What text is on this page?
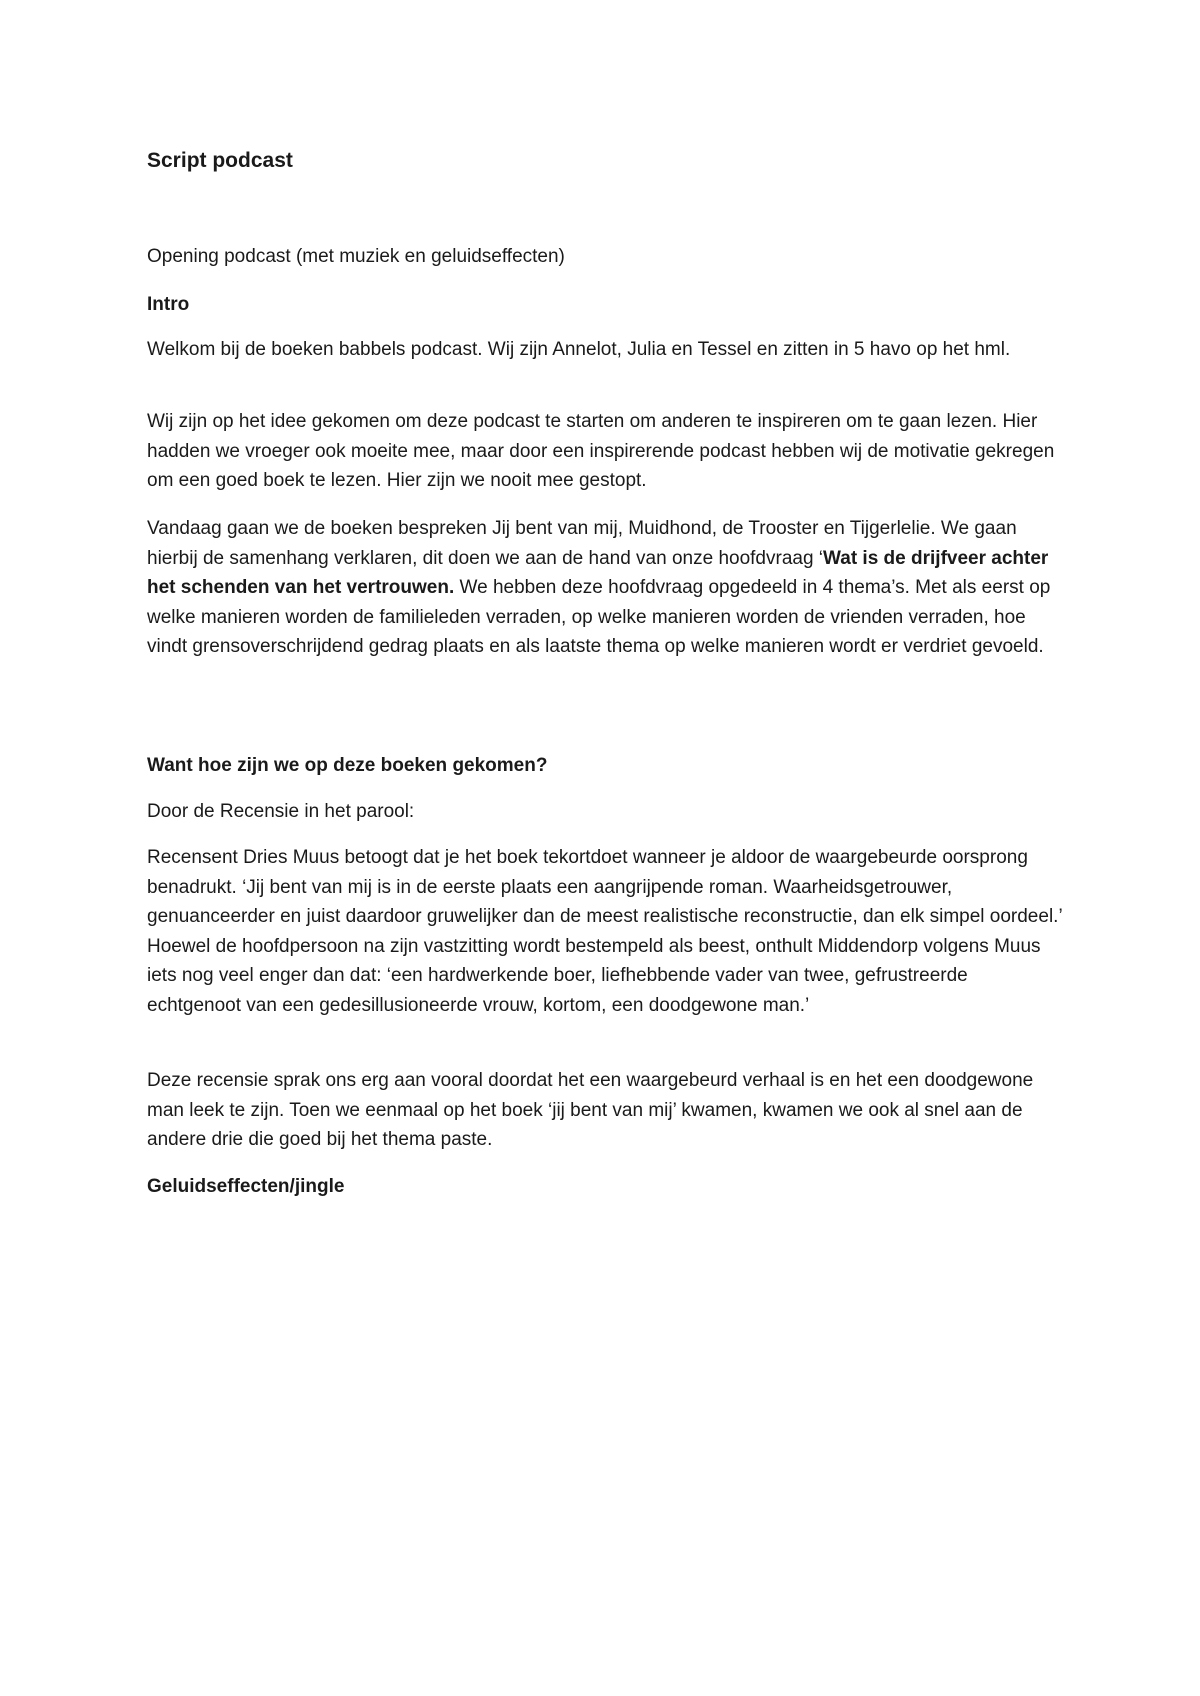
Script podcast

Opening podcast (met muziek en geluidseffecten)

Intro

Welkom bij de boeken babbels podcast. Wij zijn Annelot, Julia en Tessel en zitten in 5 havo op het hml.

Wij zijn op het idee gekomen om deze podcast te starten om anderen te inspireren om te gaan lezen. Hier hadden we vroeger ook moeite mee, maar door een inspirerende podcast hebben wij de motivatie gekregen om een goed boek te lezen. Hier zijn we nooit mee gestopt.

Vandaag gaan we de boeken bespreken Jij bent van mij, Muidhond, de Trooster en Tijgerlelie. We gaan hierbij de samenhang verklaren, dit doen we aan de hand van onze hoofdvraag ‘Wat is de drijfveer achter het schenden van het vertrouwen. We hebben deze hoofdvraag opgedeeld in 4 thema’s. Met als eerst op welke manieren worden de familieleden verraden, op welke manieren worden de vrienden verraden, hoe vindt grensoverschrijdend gedrag plaats en als laatste thema op welke manieren wordt er verdriet gevoeld.

Want hoe zijn we op deze boeken gekomen?

Door de Recensie in het parool:

Recensent Dries Muus betoogt dat je het boek tekortdoet wanneer je aldoor de waargebeurde oorsprong benadrukt. ‘Jij bent van mij is in de eerste plaats een aangrijpende roman. Waarheidsgetrouwer, genuanceerder en juist daardoor gruwelijker dan de meest realistische reconstructie, dan elk simpel oordeel.’ Hoewel de hoofdpersoon na zijn vastzitting wordt bestempeld als beest, onthult Middendorp volgens Muus iets nog veel enger dan dat: ‘een hardwerkende boer, liefhebbende vader van twee, gefrustreerde echtgenoot van een gedesillusioneerde vrouw, kortom, een doodgewone man.’

Deze recensie sprak ons erg aan vooral doordat het een waargebeurd verhaal is en het een doodgewone man leek te zijn. Toen we eenmaal op het boek ‘jij bent van mij’ kwamen, kwamen we ook al snel aan de andere drie die goed bij het thema paste.

Geluidseffecten/jingle
